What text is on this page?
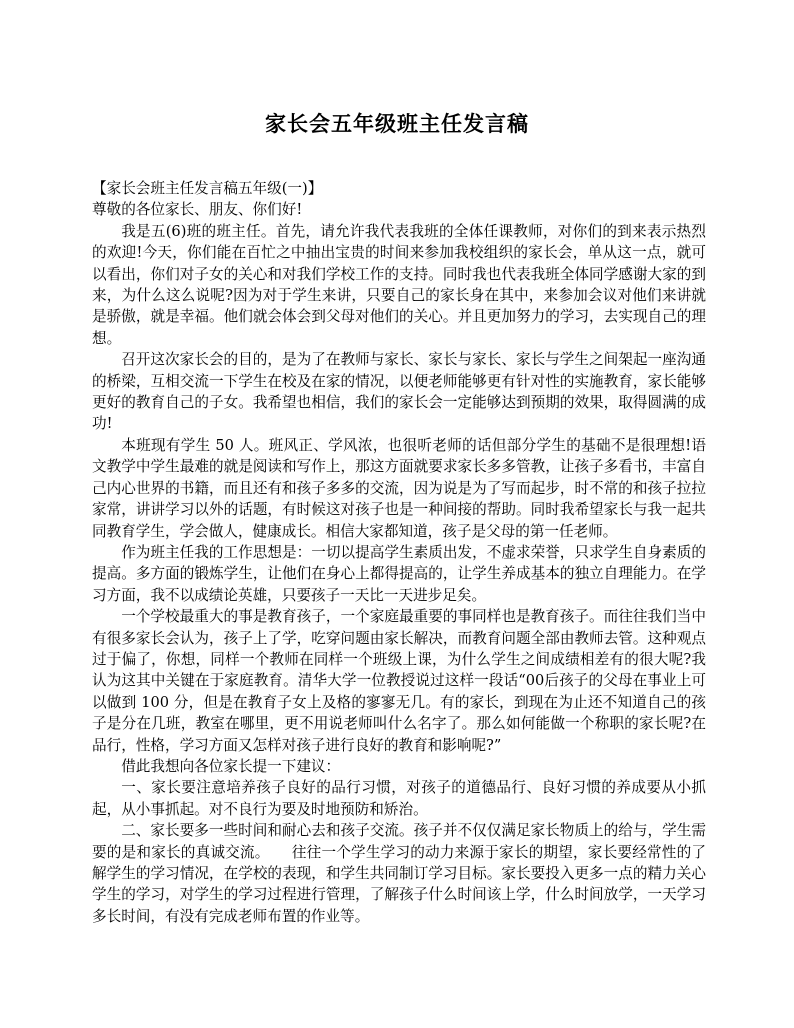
家长会五年级班主任发言稿

【家长会班主任发言稿五年级(一)】

尊敬的各位家长、朋友、你们好!

我是五(6)班的班主任。首先，请允许我代表我班的全体任课教师，对你们的到来表示热烈的欢迎!今天，你们能在百忙之中抽出宝贵的时间来参加我校组织的家长会，单从这一点，就可以看出，你们对子女的关心和对我们学校工作的支持。同时我也代表我班全体同学感谢大家的到来，为什么这么说呢?因为对于学生来讲，只要自己的家长身在其中，来参加会议对他们来讲就是骄傲，就是幸福。他们就会体会到父母对他们的关心。并且更加努力的学习，去实现自己的理想。

召开这次家长会的目的，是为了在教师与家长、家长与家长、家长与学生之间架起一座沟通的桥梁，互相交流一下学生在校及在家的情况，以便老师能够更有针对性的实施教育，家长能够更好的教育自己的子女。我希望也相信，我们的家长会一定能够达到预期的效果，取得圆满的成功!

本班现有学生 50 人。班风正、学风浓，也很听老师的话但部分学生的基础不是很理想!语文教学中学生最难的就是阅读和写作上，那这方面就要求家长多多管教，让孩子多看书，丰富自己内心世界的书籍，而且还有和孩子多多的交流，因为说是为了写而起步，时不常的和孩子拉拉家常，讲讲学习以外的话题，有时候这对孩子也是一种间接的帮助。同时我希望家长与我一起共同教育学生，学会做人，健康成长。相信大家都知道，孩子是父母的第一任老师。

作为班主任我的工作思想是：一切以提高学生素质出发，不虚求荣誉，只求学生自身素质的提高。多方面的锻炼学生，让他们在身心上都得提高的，让学生养成基本的独立自理能力。在学习方面，我不以成绩论英雄，只要孩子一天比一天进步足矣。

一个学校最重大的事是教育孩子，一个家庭最重要的事同样也是教育孩子。而往往我们当中有很多家长会认为，孩子上了学，吃穿问题由家长解决，而教育问题全部由教师去管。这种观点过于偏了，你想，同样一个教师在同样一个班级上课，为什么学生之间成绩相差有的很大呢?我认为这其中关键在于家庭教育。清华大学一位教授说过这样一段话“00后孩子的父母在事业上可以做到 100 分，但是在教育子女上及格的寥寥无几。有的家长，到现在为止还不知道自己的孩子是分在几班，教室在哪里，更不用说老师叫什么名字了。那么如何能做一个称职的家长呢?在品行，性格，学习方面又怎样对孩子进行良好的教育和影响呢?”

借此我想向各位家长提一下建议：

一、家长要注意培养孩子良好的品行习惯，对孩子的道德品行、良好习惯的养成要从小抓起，从小事抓起。对不良行为要及时地预防和矫治。

二、家长要多一些时间和耐心去和孩子交流。孩子并不仅仅满足家长物质上的给与，学生需要的是和家长的真诚交流。　　往往一个学生学习的动力来源于家长的期望，家长要经常性的了解学生的学习情况，在学校的表现，和学生共同制订学习目标。家长要投入更多一点的精力关心学生的学习，对学生的学习过程进行管理，了解孩子什么时间该上学，什么时间放学，一天学习多长时间，有没有完成老师布置的作业等。
